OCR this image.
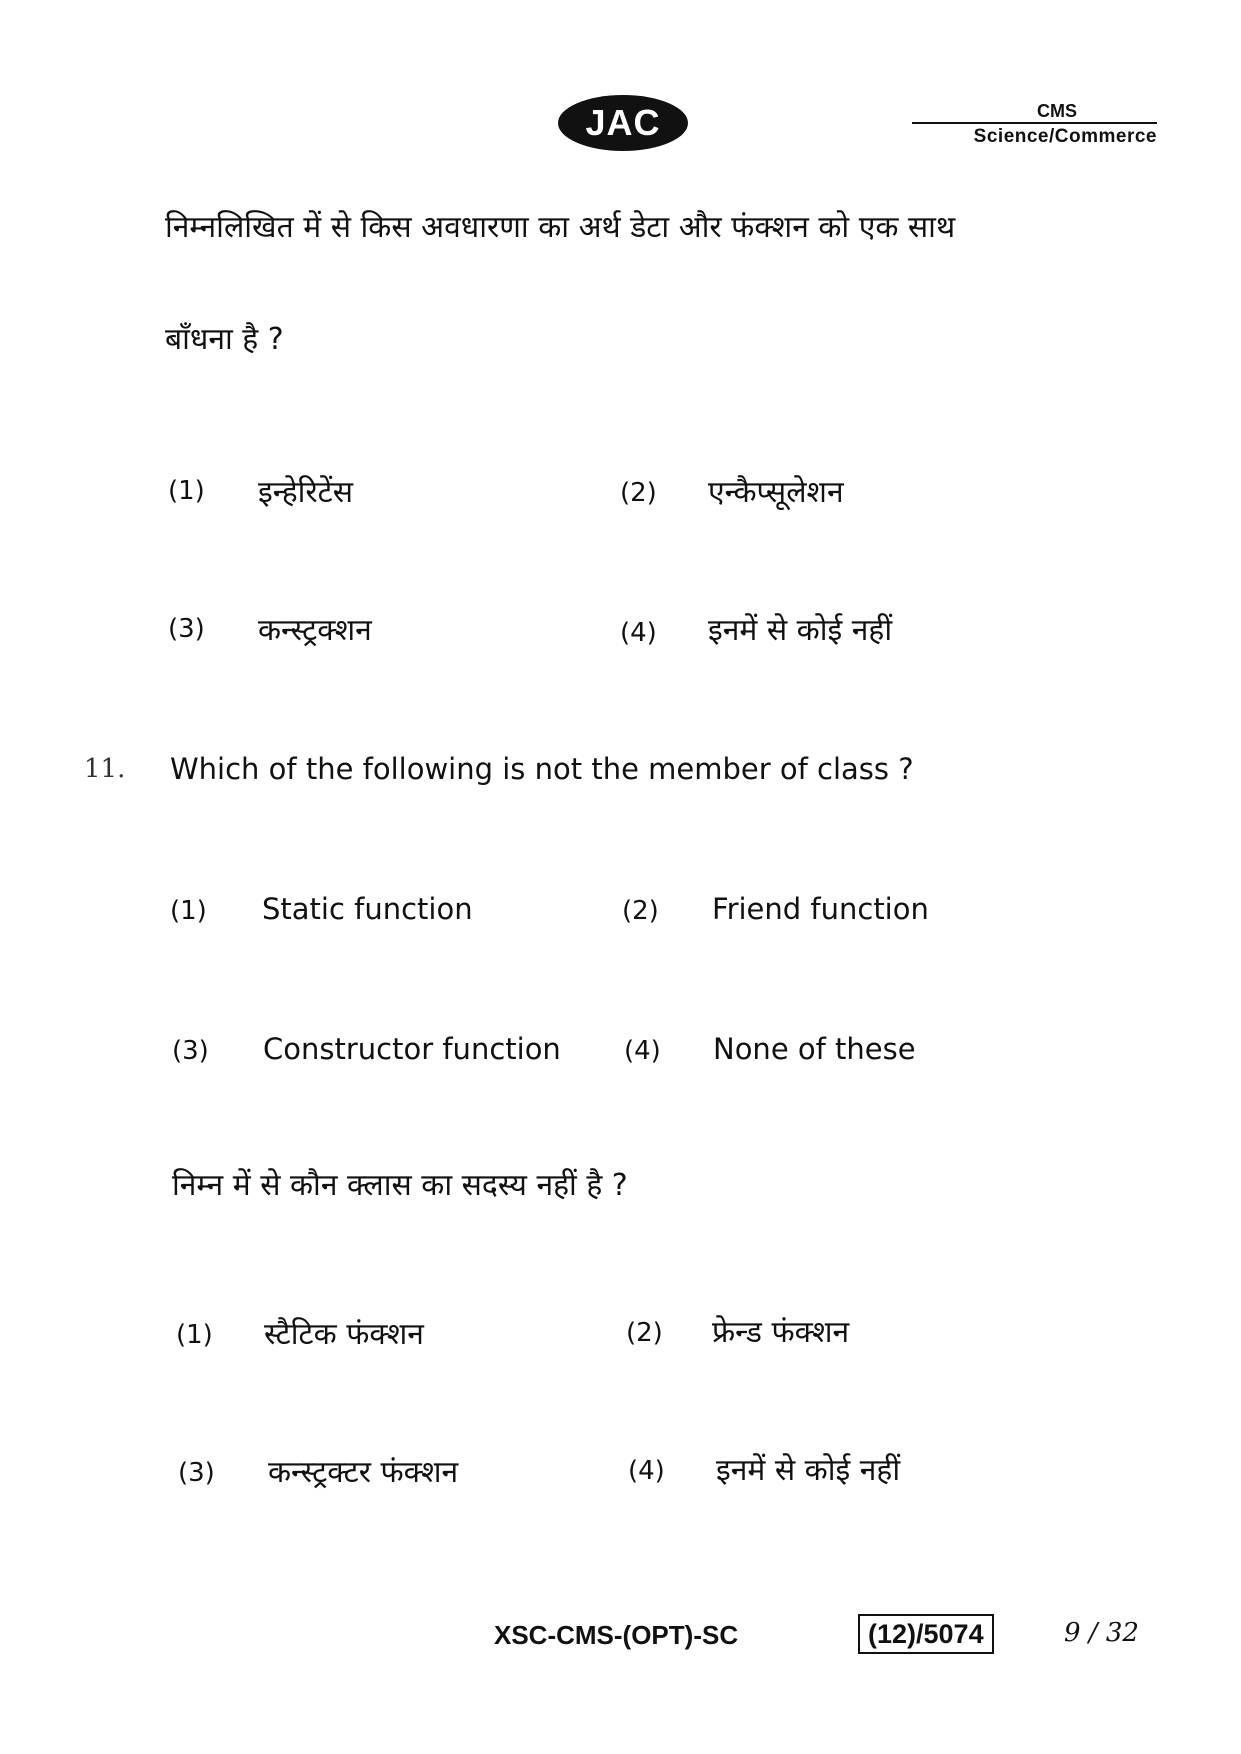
JAC	CMS
Science/Commerce
निम्नलिखित में से किस अवधारणा का अर्थ डेटा और फंक्शन को एक साथ
बाँधना है ?
(1) इन्हेरिटेंस	(2) एन्कैप्सूलेशन
(3) कन्स्ट्रक्शन	(4) इनमें से कोई नहीं
11. Which of the following is not the member of class ?
(1) Static function	(2) Friend function
(3) Constructor function (4) None of these
निम्न में से कौन क्लास का सदस्य नहीं है ?
(1) स्टैटिक फंक्शन	(2) फ्रेन्ड फंक्शन
(3) कन्स्ट्रक्टर फंक्शन	(4) इनमें से कोई नहीं
XSC-CMS-(OPT)-SC	(12)/5074	9 / 32
